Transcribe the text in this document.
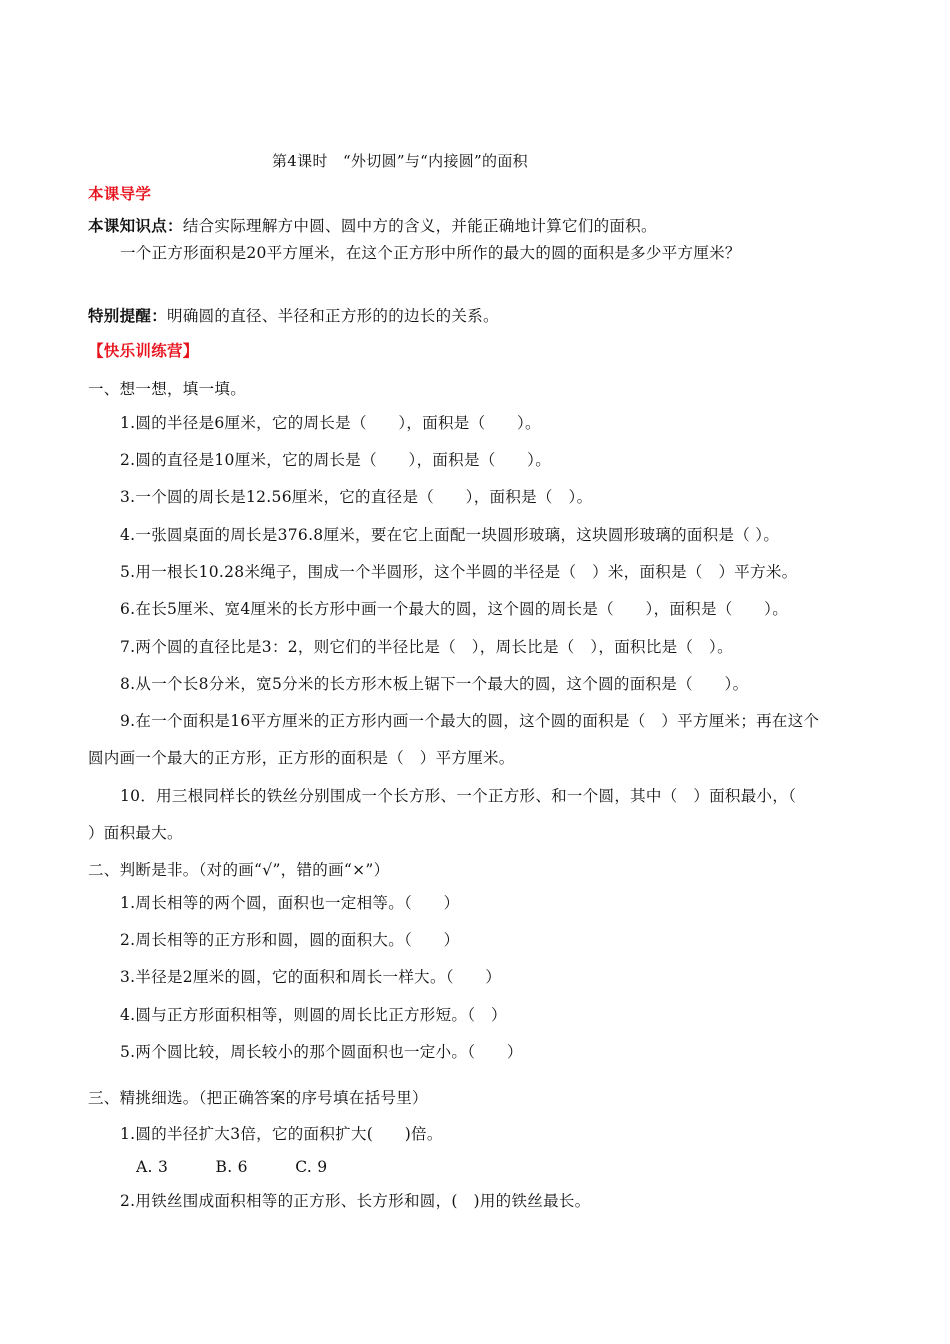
第4课时　“外切圆”与“内接圆”的面积
本课导学
本课知识点：结合实际理解方中圆、圆中方的含义，并能正确地计算它们的面积。
一个正方形面积是20平方厘米，在这个正方形中所作的最大的圆的面积是多少平方厘米？
特别提醒：明确圆的直径、半径和正方形的的边长的关系。
【快乐训练营】
一、想一想，填一填。
1.圆的半径是6厘米，它的周长是（　　），面积是（　　）。
2.圆的直径是10厘米，它的周长是（　　），面积是（　　）。
3.一个圆的周长是12.56厘米，它的直径是（　　），面积是（　）。
4.一张圆桌面的周长是376.8厘米，要在它上面配一块圆形玻璃，这块圆形玻璃的面积是（ ）。
5.用一根长10.28米绳子，围成一个半圆形，这个半圆的半径是（　）米，面积是（　）平方米。
6.在长5厘米、宽4厘米的长方形中画一个最大的圆，这个圆的周长是（　　），面积是（　　）。
7.两个圆的直径比是3：2，则它们的半径比是（　），周长比是（　），面积比是（　）。
8.从一个长8分米，宽5分米的长方形木板上锯下一个最大的圆，这个圆的面积是（　　）。
9.在一个面积是16平方厘米的正方形内画一个最大的圆，这个圆的面积是（　）平方厘米；再在这个
圆内画一个最大的正方形，正方形的面积是（　）平方厘米。
10．用三根同样长的铁丝分别围成一个长方形、一个正方形、和一个圆，其中（　）面积最小，（
）面积最大。
二、判断是非。（对的画“√”，错的画“×”）
1.周长相等的两个圆，面积也一定相等。（　　）
2.周长相等的正方形和圆，圆的面积大。（　　）
3.半径是2厘米的圆，它的面积和周长一样大。（　　）
4.圆与正方形面积相等，则圆的周长比正方形短。（　）
5.两个圆比较，周长较小的那个圆面积也一定小。（　　）
三、精挑细选。（把正确答案的序号填在括号里）
1.圆的半径扩大3倍，它的面积扩大(　　)倍。
A. 3　　　B. 6　　　C. 9
2.用铁丝围成面积相等的正方形、长方形和圆，(　)用的铁丝最长。
